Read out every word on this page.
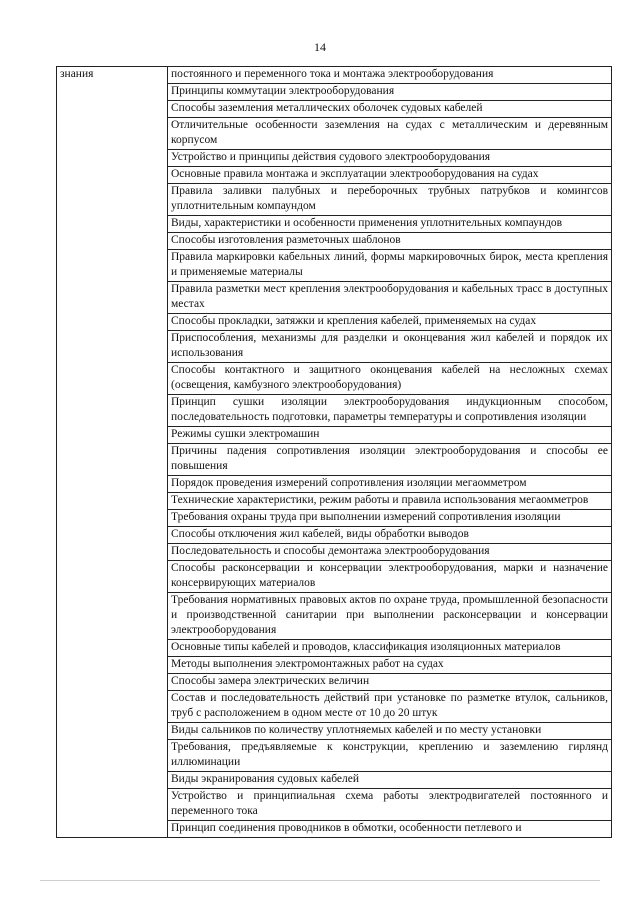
14
знания	постоянного и переменного тока и монтажа электрооборудования
Принципы коммутации электрооборудования
Способы заземления металлических оболочек судовых кабелей
Отличительные особенности заземления на судах с металлическим и деревянным корпусом
Устройство и принципы действия судового электрооборудования
Основные правила монтажа и эксплуатации электрооборудования на судах
Правила заливки палубных и переборочных трубных патрубков и комингсов уплотнительным компаундом
Виды, характеристики и особенности применения уплотнительных компаундов
Способы изготовления разметочных шаблонов
Правила маркировки кабельных линий, формы маркировочных бирок, места крепления и применяемые материалы
Правила разметки мест крепления электрооборудования и кабельных трасс в доступных местах
Способы прокладки, затяжки и крепления кабелей, применяемых на судах
Приспособления, механизмы для разделки и оконцевания жил кабелей и порядок их использования
Способы контактного и защитного оконцевания кабелей на несложных схемах (освещения, камбузного электрооборудования)
Принцип сушки изоляции электрооборудования индукционным способом, последовательность подготовки, параметры температуры и сопротивления изоляции
Режимы сушки электромашин
Причины падения сопротивления изоляции электрооборудования и способы ее повышения
Порядок проведения измерений сопротивления изоляции мегаомметром
Технические характеристики, режим работы и правила использования мегаомметров
Требования охраны труда при выполнении измерений сопротивления изоляции
Способы отключения жил кабелей, виды обработки выводов
Последовательность и способы демонтажа электрооборудования
Способы расконсервации и консервации электрооборудования, марки и назначение консервирующих материалов
Требования нормативных правовых актов по охране труда, промышленной безопасности и производственной санитарии при выполнении расконсервации и консервации электрооборудования
Основные типы кабелей и проводов, классификация изоляционных материалов
Методы выполнения электромонтажных работ на судах
Способы замера электрических величин
Состав и последовательность действий при установке по разметке втулок, сальников, труб с расположением в одном месте от 10 до 20 штук
Виды сальников по количеству уплотняемых кабелей и по месту установки
Требования, предъявляемые к конструкции, креплению и заземлению гирлянд иллюминации
Виды экранирования судовых кабелей
Устройство и принципиальная схема работы электродвигателей постоянного и переменного тока
Принцип соединения проводников в обмотки, особенности петлевого и
